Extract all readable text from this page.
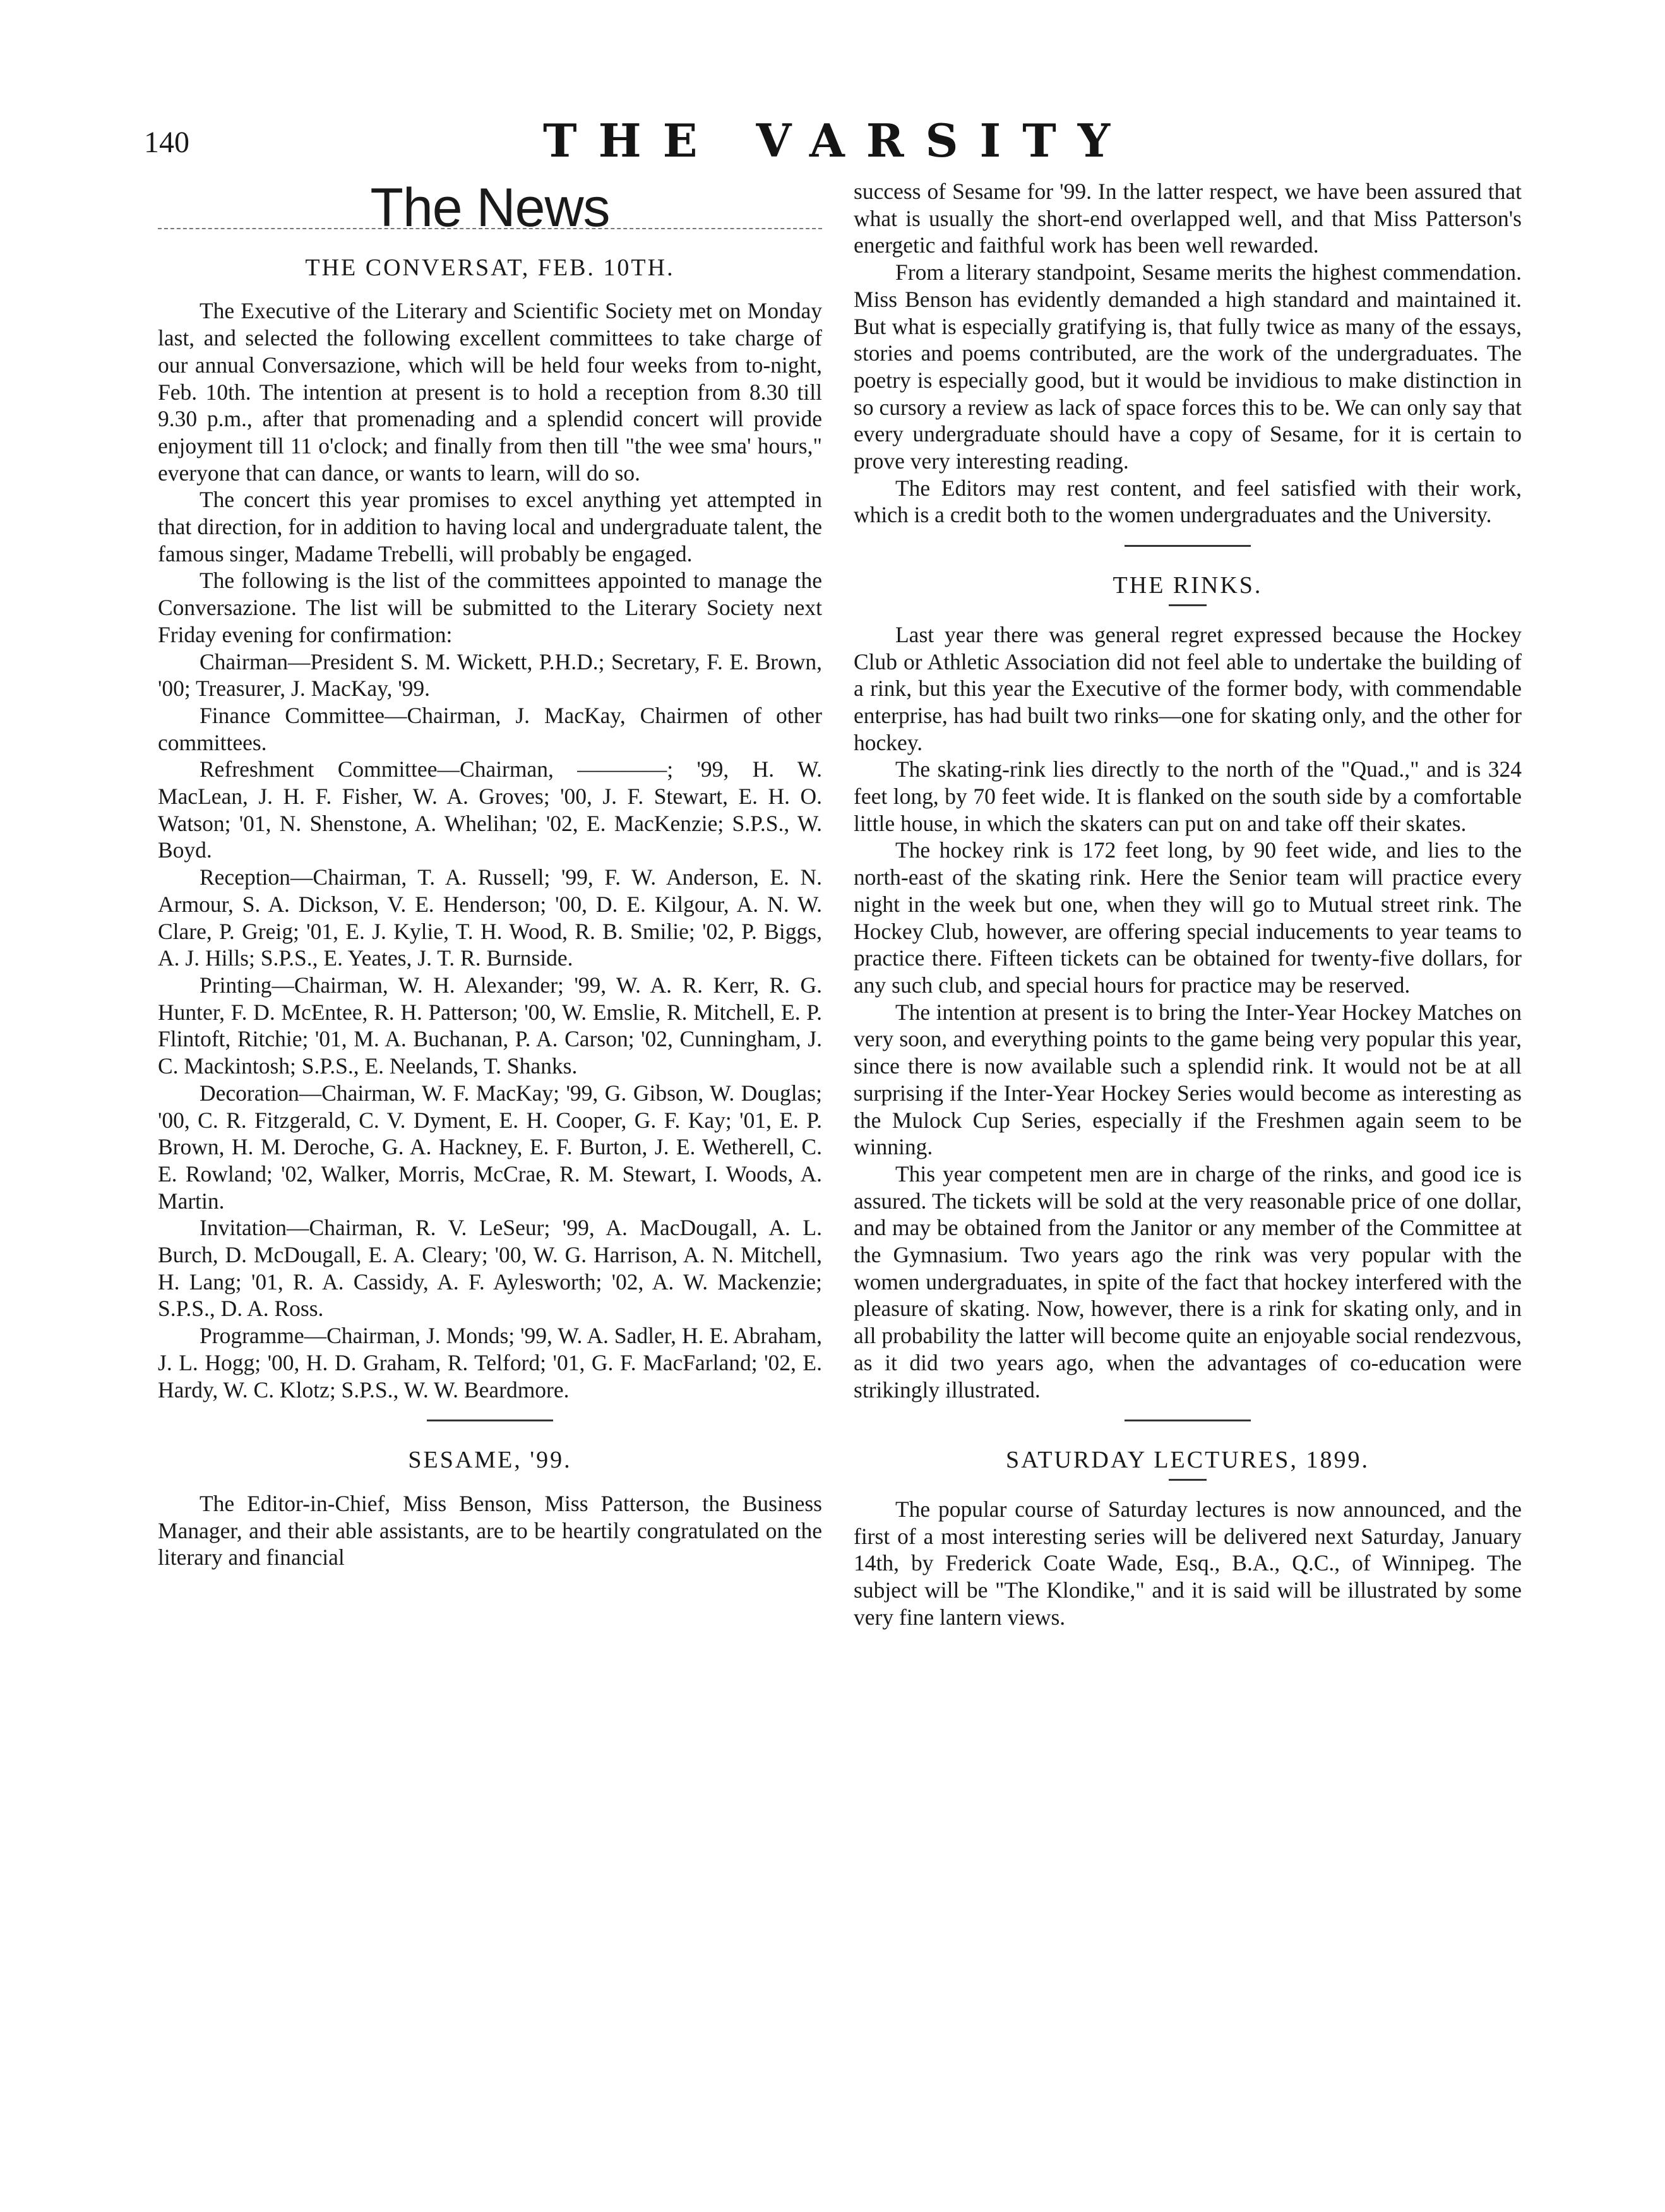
140	THE VARSITY
The News
THE CONVERSAT, FEB. 10TH.

The Executive of the Literary and Scientific Society met on Monday last, and selected the following excellent committees to take charge of our annual Conversazione, which will be held four weeks from to-night, Feb. 10th. The intention at present is to hold a reception from 8.30 till 9.30 p.m., after that promenading and a splendid concert will provide enjoyment till 11 o'clock; and finally from then till "the wee sma' hours," everyone that can dance, or wants to learn, will do so.

The concert this year promises to excel anything yet attempted in that direction, for in addition to having local and undergraduate talent, the famous singer, Madame Trebelli, will probably be engaged.

The following is the list of the committees appointed to manage the Conversazione. The list will be submitted to the Literary Society next Friday evening for confirmation:

Chairman—President S. M. Wickett, P.H.D.; Secretary, F. E. Brown, '00; Treasurer, J. MacKay, '99.

Finance Committee—Chairman, J. MacKay, Chairmen of other committees.

Refreshment Committee—Chairman, ————; '99, H. W. MacLean, J. H. F. Fisher, W. A. Groves; '00, J. F. Stewart, E. H. O. Watson; '01, N. Shenstone, A. Whelihan; '02, E. MacKenzie; S.P.S., W. Boyd.

Reception—Chairman, T. A. Russell; '99, F. W. Anderson, E. N. Armour, S. A. Dickson, V. E. Henderson; '00, D. E. Kilgour, A. N. W. Clare, P. Greig; '01, E. J. Kylie, T. H. Wood, R. B. Smilie; '02, P. Biggs, A. J. Hills; S.P.S., E. Yeates, J. T. R. Burnside.

Printing—Chairman, W. H. Alexander; '99, W. A. R. Kerr, R. G. Hunter, F. D. McEntee, R. H. Patterson; '00, W. Emslie, R. Mitchell, E. P. Flintoft, Ritchie; '01, M. A. Buchanan, P. A. Carson; '02, Cunningham, J. C. Mackintosh; S.P.S., E. Neelands, T. Shanks.

Decoration—Chairman, W. F. MacKay; '99, G. Gibson, W. Douglas; '00, C. R. Fitzgerald, C. V. Dyment, E. H. Cooper, G. F. Kay; '01, E. P. Brown, H. M. Deroche, G. A. Hackney, E. F. Burton, J. E. Wetherell, C. E. Rowland; '02, Walker, Morris, McCrae, R. M. Stewart, I. Woods, A. Martin.

Invitation—Chairman, R. V. LeSeur; '99, A. MacDougall, A. L. Burch, D. McDougall, E. A. Cleary; '00, W. G. Harrison, A. N. Mitchell, H. Lang; '01, R. A. Cassidy, A. F. Aylesworth; '02, A. W. Mackenzie; S.P.S., D. A. Ross.

Programme—Chairman, J. Monds; '99, W. A. Sadler, H. E. Abraham, J. L. Hogg; '00, H. D. Graham, R. Telford; '01, G. F. MacFarland; '02, E. Hardy, W. C. Klotz; S.P.S., W. W. Beardmore.

SESAME, '99.

The Editor-in-Chief, Miss Benson, Miss Patterson, the Business Manager, and their able assistants, are to be heartily congratulated on the literary and financial

success of Sesame for '99. In the latter respect, we have been assured that what is usually the short-end overlapped well, and that Miss Patterson's energetic and faithful work has been well rewarded.

From a literary standpoint, Sesame merits the highest commendation. Miss Benson has evidently demanded a high standard and maintained it. But what is especially gratifying is, that fully twice as many of the essays, stories and poems contributed, are the work of the undergraduates. The poetry is especially good, but it would be invidious to make distinction in so cursory a review as lack of space forces this to be. We can only say that every undergraduate should have a copy of Sesame, for it is certain to prove very interesting reading.

The Editors may rest content, and feel satisfied with their work, which is a credit both to the women undergraduates and the University.

THE RINKS.

Last year there was general regret expressed because the Hockey Club or Athletic Association did not feel able to undertake the building of a rink, but this year the Executive of the former body, with commendable enterprise, has had built two rinks—one for skating only, and the other for hockey.

The skating-rink lies directly to the north of the "Quad.," and is 324 feet long, by 70 feet wide. It is flanked on the south side by a comfortable little house, in which the skaters can put on and take off their skates.

The hockey rink is 172 feet long, by 90 feet wide, and lies to the north-east of the skating rink. Here the Senior team will practice every night in the week but one, when they will go to Mutual street rink. The Hockey Club, however, are offering special inducements to year teams to practice there. Fifteen tickets can be obtained for twenty-five dollars, for any such club, and special hours for practice may be reserved.

The intention at present is to bring the Inter-Year Hockey Matches on very soon, and everything points to the game being very popular this year, since there is now available such a splendid rink. It would not be at all surprising if the Inter-Year Hockey Series would become as interesting as the Mulock Cup Series, especially if the Freshmen again seem to be winning.

This year competent men are in charge of the rinks, and good ice is assured. The tickets will be sold at the very reasonable price of one dollar, and may be obtained from the Janitor or any member of the Committee at the Gymnasium. Two years ago the rink was very popular with the women undergraduates, in spite of the fact that hockey interfered with the pleasure of skating. Now, however, there is a rink for skating only, and in all probability the latter will become quite an enjoyable social rendezvous, as it did two years ago, when the advantages of co-education were strikingly illustrated.

SATURDAY LECTURES, 1899.

The popular course of Saturday lectures is now announced, and the first of a most interesting series will be delivered next Saturday, January 14th, by Frederick Coate Wade, Esq., B.A., Q.C., of Winnipeg. The subject will be "The Klondike," and it is said will be illustrated by some very fine lantern views.
